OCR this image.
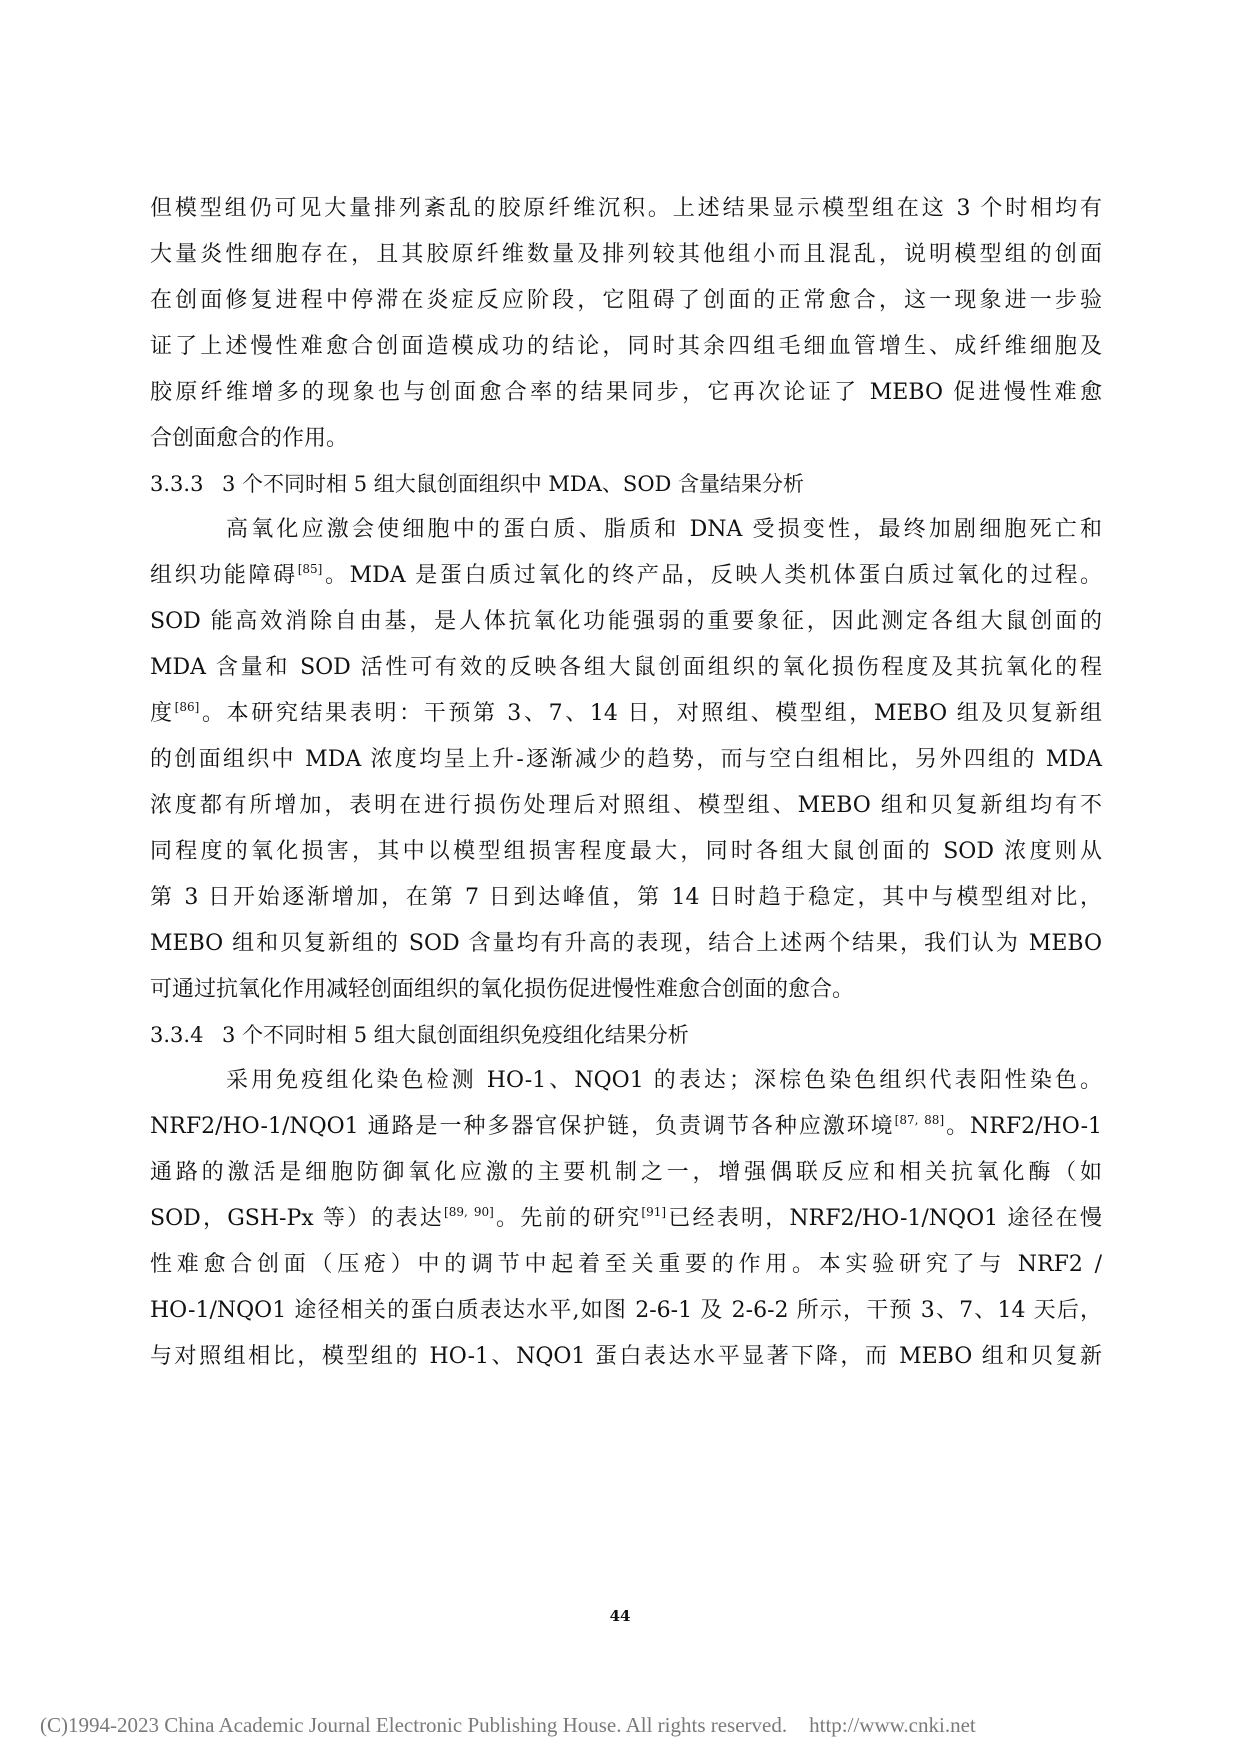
但模型组仍可见大量排列紊乱的胶原纤维沉积。上述结果显示模型组在这 3 个时相均有
大量炎性细胞存在，且其胶原纤维数量及排列较其他组小而且混乱，说明模型组的创面
在创面修复进程中停滞在炎症反应阶段，它阻碍了创面的正常愈合，这一现象进一步验
证了上述慢性难愈合创面造模成功的结论，同时其余四组毛细血管增生、成纤维细胞及
胶原纤维增多的现象也与创面愈合率的结果同步，它再次论证了 MEBO 促进慢性难愈
合创面愈合的作用。
3.3.3 3 个不同时相 5 组大鼠创面组织中 MDA、SOD 含量结果分析
高氧化应激会使细胞中的蛋白质、脂质和 DNA 受损变性，最终加剧细胞死亡和
组织功能障碍[85]。MDA 是蛋白质过氧化的终产品，反映人类机体蛋白质过氧化的过程。
SOD 能高效消除自由基，是人体抗氧化功能强弱的重要象征，因此测定各组大鼠创面的
MDA 含量和 SOD 活性可有效的反映各组大鼠创面组织的氧化损伤程度及其抗氧化的程
度[86]。本研究结果表明：干预第 3、7、14 日，对照组、模型组，MEBO 组及贝复新组
的创面组织中 MDA 浓度均呈上升-逐渐减少的趋势，而与空白组相比，另外四组的 MDA
浓度都有所增加，表明在进行损伤处理后对照组、模型组、MEBO 组和贝复新组均有不
同程度的氧化损害，其中以模型组损害程度最大，同时各组大鼠创面的 SOD 浓度则从
第 3 日开始逐渐增加，在第 7 日到达峰值，第 14 日时趋于稳定，其中与模型组对比，
MEBO 组和贝复新组的 SOD 含量均有升高的表现，结合上述两个结果，我们认为 MEBO
可通过抗氧化作用减轻创面组织的氧化损伤促进慢性难愈合创面的愈合。
3.3.4 3 个不同时相 5 组大鼠创面组织免疫组化结果分析
采用免疫组化染色检测 HO-1、NQO1 的表达；深棕色染色组织代表阳性染色。
NRF2/HO-1/NQO1 通路是一种多器官保护链，负责调节各种应激环境[87, 88]。NRF2/HO-1
通路的激活是细胞防御氧化应激的主要机制之一，增强偶联反应和相关抗氧化酶（如
SOD，GSH-Px 等）的表达[89, 90]。先前的研究[91]已经表明，NRF2/HO-1/NQO1 途径在慢
性难愈合创面（压疮）中的调节中起着至关重要的作用。本实验研究了与 NRF2 /
HO-1/NQO1 途径相关的蛋白质表达水平,如图 2-6-1 及 2-6-2 所示，干预 3、7、14 天后，
与对照组相比，模型组的 HO-1、NQO1 蛋白表达水平显著下降，而 MEBO 组和贝复新
44
(C)1994-2023 China Academic Journal Electronic Publishing House. All rights reserved. http://www.cnki.net
